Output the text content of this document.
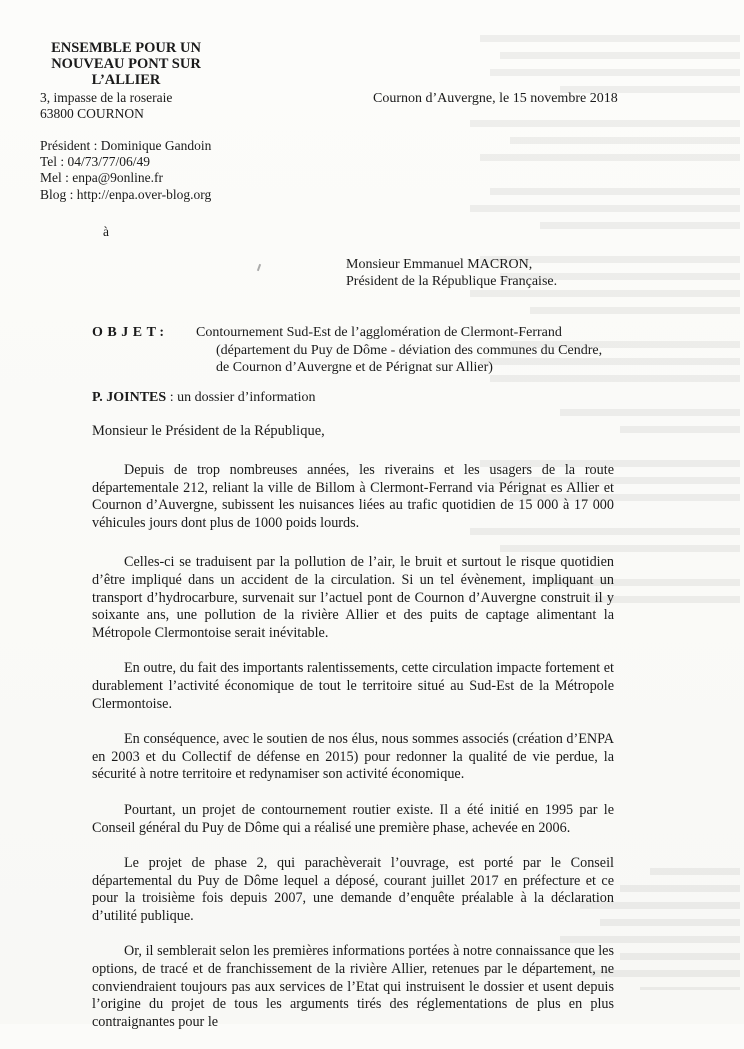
ENSEMBLE POUR UN
NOUVEAU PONT SUR
L’ALLIER
3, impasse de la roseraie
63800 COURNON
Cournon d’Auvergne, le 15 novembre 2018
Président : Dominique Gandoin
Tel : 04/73/77/06/49
Mel : enpa@9online.fr
Blog : http://enpa.over-blog.org
à
Monsieur Emmanuel MACRON,
Président de la République Française.
OBJET: Contournement Sud-Est de l’agglomération de Clermont-Ferrand
(département du Puy de Dôme - déviation des communes du Cendre,
de Cournon d’Auvergne et de Pérignat sur Allier)
P. JOINTES : un dossier d’information
Monsieur le Président de la République,

Depuis de trop nombreuses années, les riverains et les usagers de la route départementale 212, reliant la ville de Billom à Clermont-Ferrand via Pérignat es Allier et Cournon d’Auvergne, subissent les nuisances liées au trafic quotidien de 15 000 à 17 000 véhicules jours dont plus de 1000 poids lourds.

Celles-ci se traduisent par la pollution de l’air, le bruit et surtout le risque quotidien d’être impliqué dans un accident de la circulation. Si un tel évènement, impliquant un transport d’hydrocarbure, survenait sur l’actuel pont de Cournon d’Auvergne construit il y soixante ans, une pollution de la rivière Allier et des puits de captage alimentant la Métropole Clermontoise serait inévitable.

En outre, du fait des importants ralentissements, cette circulation impacte fortement et durablement l’activité économique de tout le territoire situé au Sud-Est de la Métropole Clermontoise.

En conséquence, avec le soutien de nos élus, nous sommes associés (création d’ENPA en 2003 et du Collectif de défense en 2015) pour redonner la qualité de vie perdue, la sécurité à notre territoire et redynamiser son activité économique.

Pourtant, un projet de contournement routier existe. Il a été initié en 1995 par le Conseil général du Puy de Dôme qui a réalisé une première phase, achevée en 2006.

Le projet de phase 2, qui parachèverait l’ouvrage, est porté par le Conseil départemental du Puy de Dôme lequel a déposé, courant juillet 2017 en préfecture et ce pour la troisième fois depuis 2007, une demande d’enquête préalable à la déclaration d’utilité publique.

Or, il semblerait selon les premières informations portées à notre connaissance que les options, de tracé et de franchissement de la rivière Allier, retenues par le département, ne conviendraient toujours pas aux services de l’Etat qui instruisent le dossier et usent depuis l’origine du projet de tous les arguments tirés des réglementations de plus en plus contraignantes pour le
